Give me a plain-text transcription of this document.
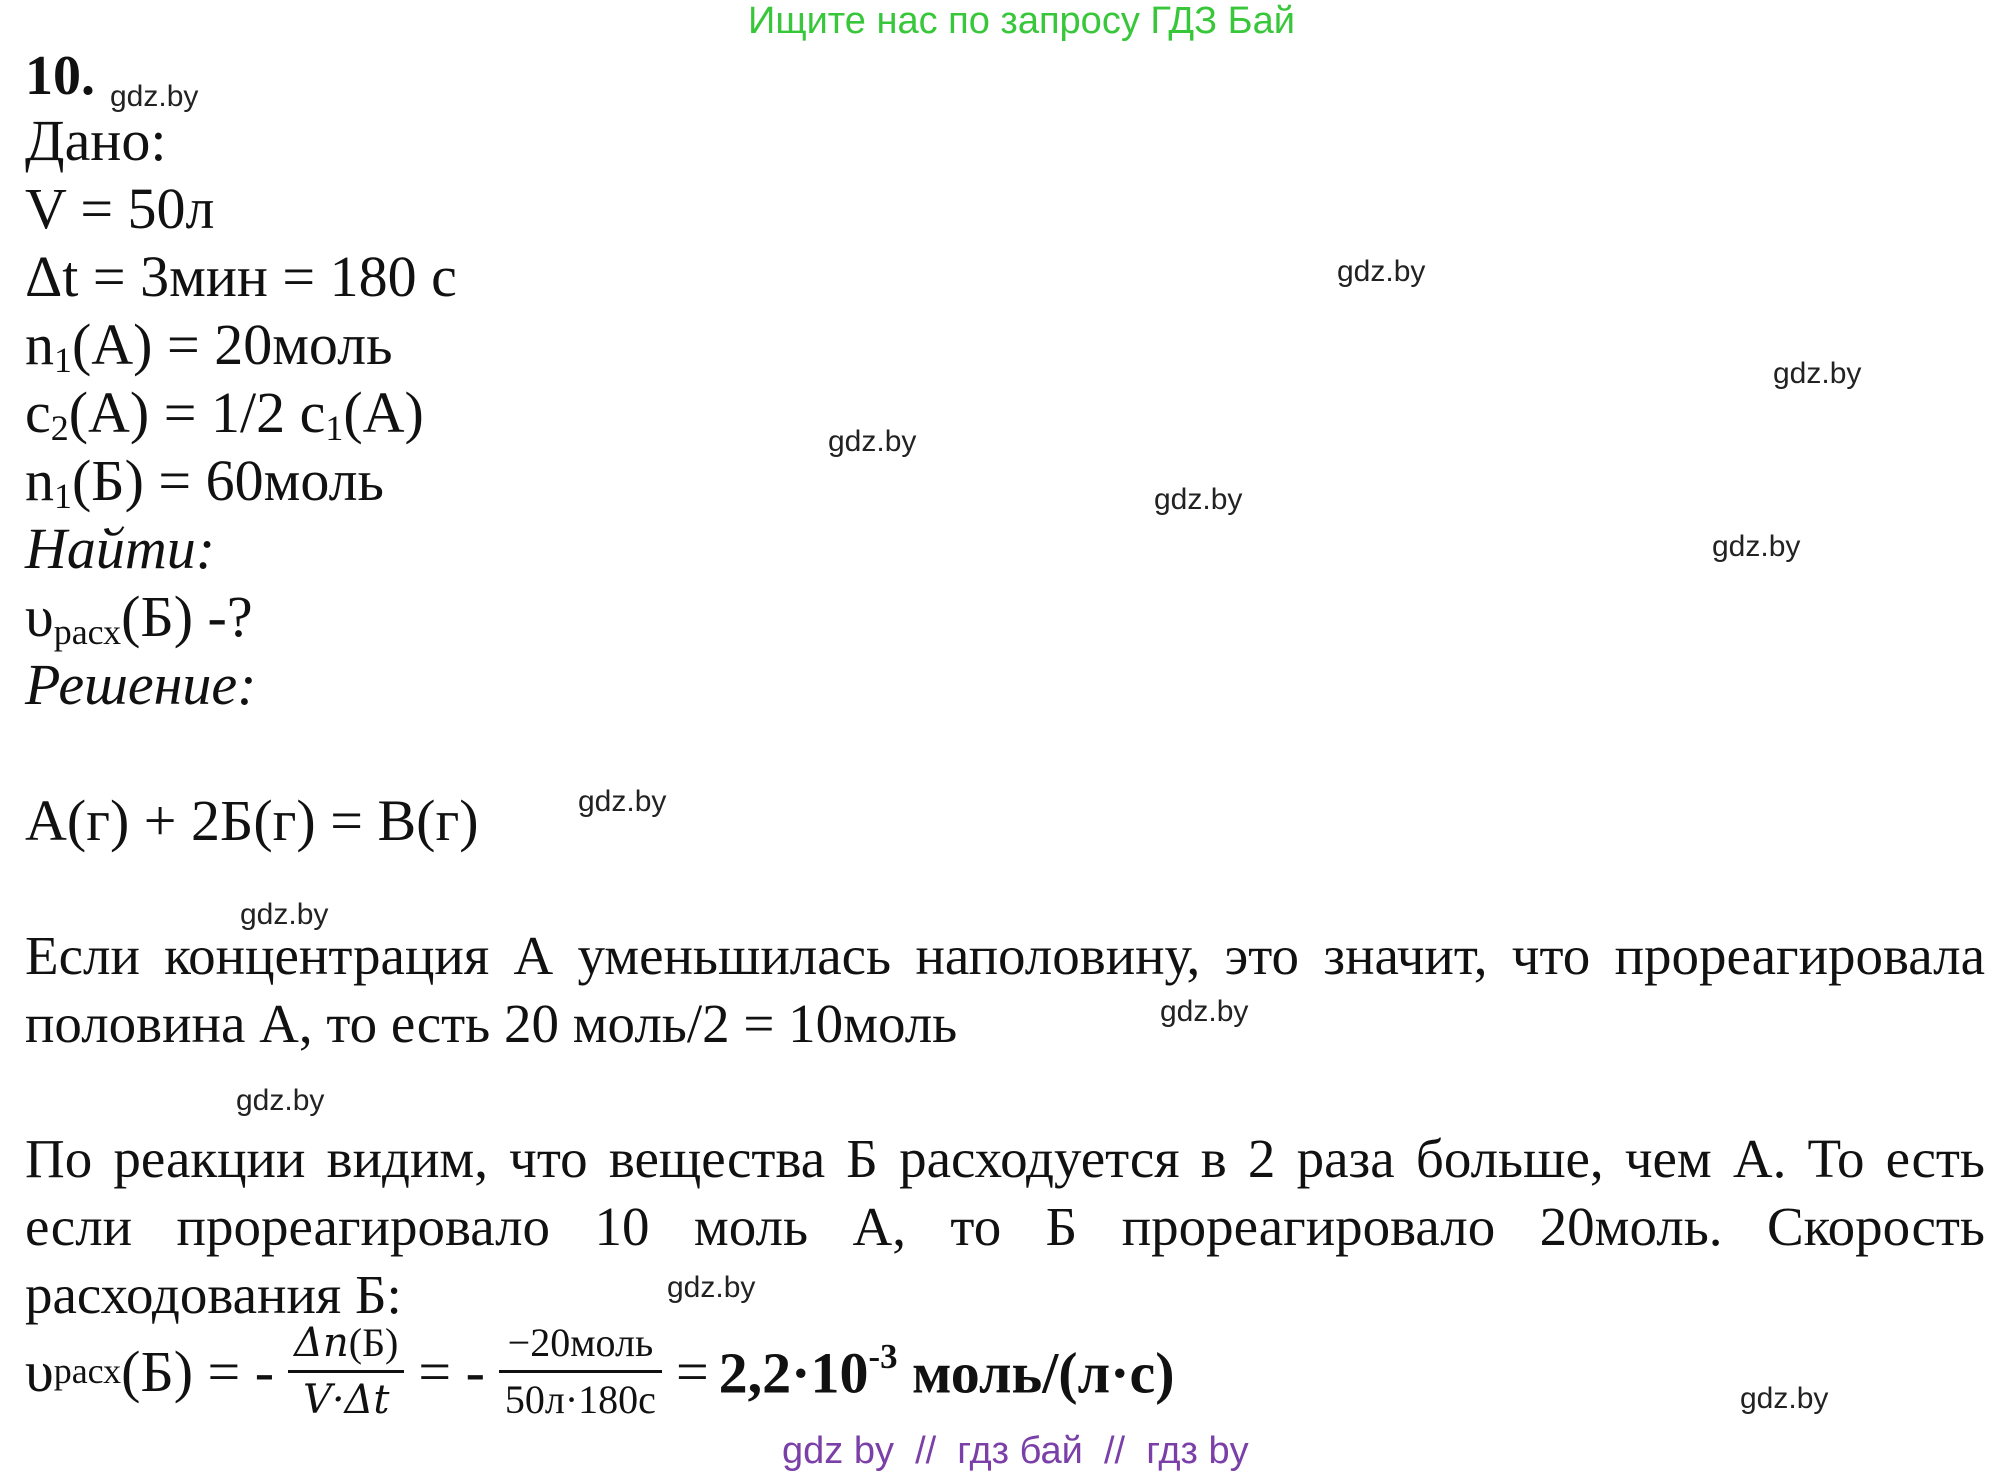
Ищите нас по запросу ГДЗ Бай
10. gdz.by
gdz.by
gdz.by
gdz.by
gdz.by
gdz.by
gdz.by
gdz.by
gdz.by
gdz.by
gdz.by
gdz.by
Дано:
V = 50л
Δt = 3мин = 180 с
$n_1(A)$ = 20моль
$c_2(A) = 1/2$ $c_1(A)$
$n_1(Б)$ = 60моль
Найти:
$\upsilon_{расх}(Б)$ -?
Решение:
A(г) + 2Б(г) = В(г)
Если концентрация А уменьшилась наполовину, это значит, что прореагировала половина А, то есть 20 моль/2 = 10моль
По реакции видим, что вещества Б расходуется в 2 раза больше, чем А. То есть если прореагировало 10 моль А, то Б прореагировало 20моль. Скорость расходования Б:
υ расх (Б) = - $\frac{\Delta n(Б)}{V\cdot\Delta t}$ = - $\frac{\text{−20моль}}{50л\cdot 180с} = 2,2\cdot 10^{-3}$ моль/(л·с)
gdz by  //  гдз бай  //  гдз by
